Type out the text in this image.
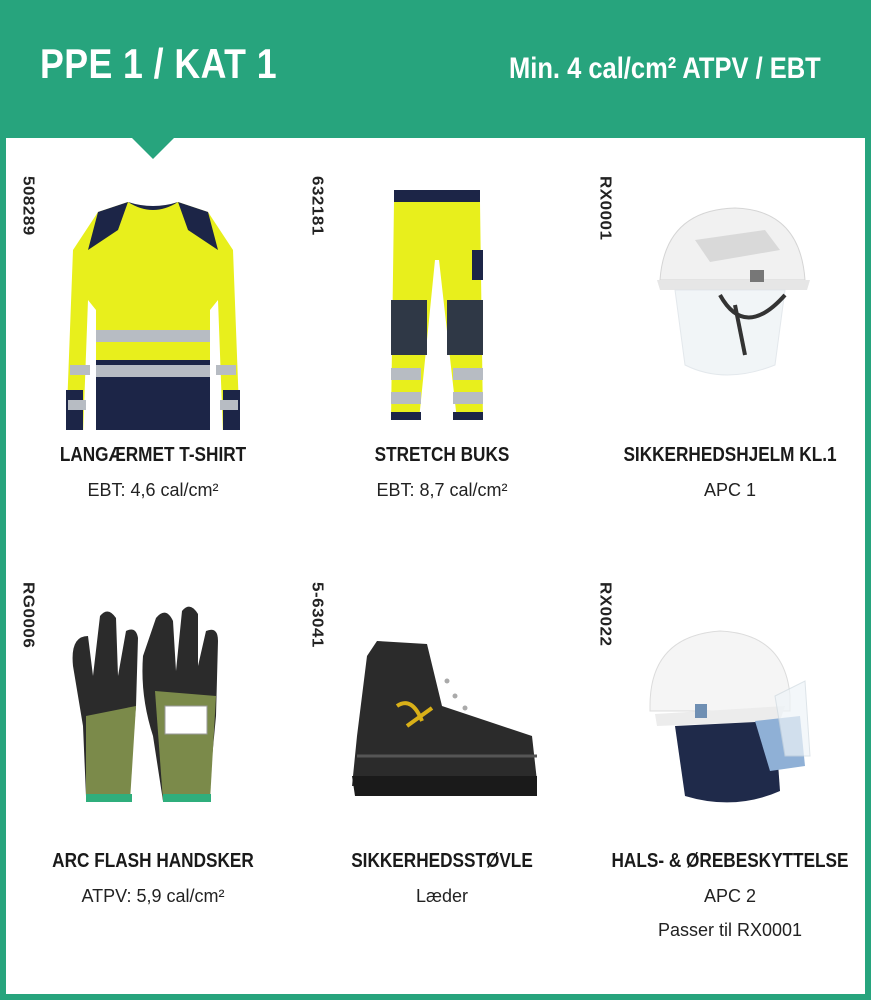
PPE 1 / KAT 1	Min. 4 cal/cm² ATPV / EBT
508289
LANGÆRMET T-SHIRT
EBT: 4,6 cal/cm²
632181
STRETCH BUKS
EBT: 8,7 cal/cm²
RX0001
SIKKERHEDSHJELM KL.1
APC 1
RG0006
ARC FLASH HANDSKER
ATPV: 5,9 cal/cm²
5-63041
SIKKERHEDSSTØVLE
Læder
RX0022
HALS- & ØREBESKYTTELSE
APC 2
Passer til RX0001
